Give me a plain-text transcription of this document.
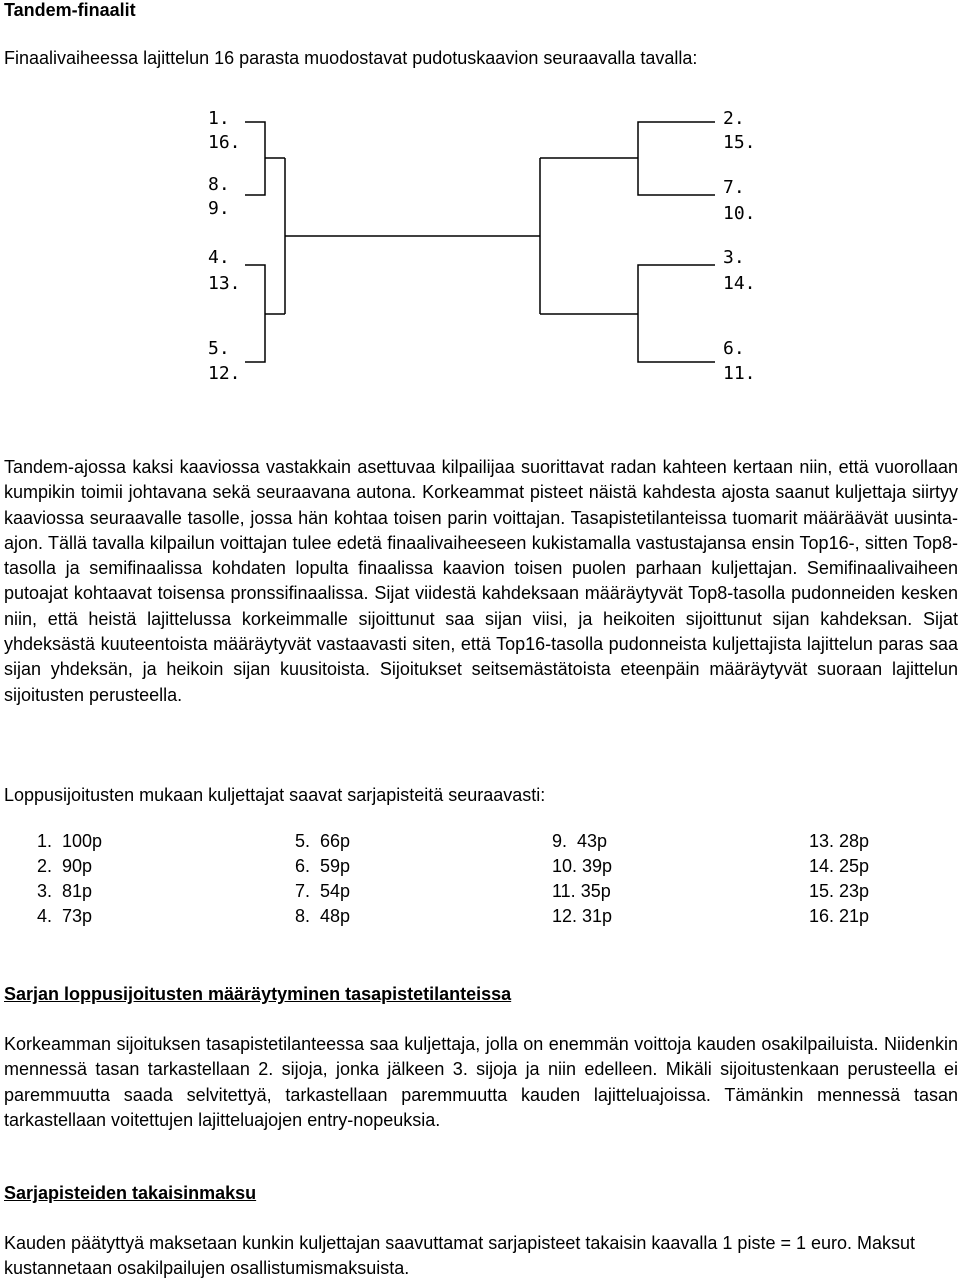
Tandem-finaalit
Finaalivaiheessa lajittelun 16 parasta muodostavat pudotuskaavion seuraavalla tavalla:
1.
16.
8.
9.
4.
13.
5.
12.
2.
15.
7.
10.
3.
14.
6.
11.
Tandem-ajossa kaksi kaaviossa vastakkain asettuvaa kilpailijaa suorittavat radan kahteen kertaan niin, että vuorollaan kumpikin toimii johtavana sekä seuraavana autona. Korkeammat pisteet näistä kahdesta ajosta saanut kuljettaja siirtyy kaaviossa seuraavalle tasolle, jossa hän kohtaa toisen parin voittajan. Tasapistetilanteissa tuomarit määräävät uusinta-ajon. Tällä tavalla kilpailun voittajan tulee edetä finaalivaiheeseen kukistamalla vastustajansa ensin Top16-, sitten Top8-tasolla ja semifinaalissa kohdaten lopulta finaalissa kaavion toisen puolen parhaan kuljettajan. Semifinaalivaiheen putoajat kohtaavat toisensa pronssifinaalissa. Sijat viidestä kahdeksaan määräytyvät Top8-tasolla pudonneiden kesken niin, että heistä lajittelussa korkeimmalle sijoittunut saa sijan viisi, ja heikoiten sijoittunut sijan kahdeksan. Sijat yhdeksästä kuuteentoista määräytyvät vastaavasti siten, että Top16-tasolla pudonneista kuljettajista lajittelun paras saa sijan yhdeksän, ja heikoin sijan kuusitoista. Sijoitukset seitsemästätoista eteenpäin määräytyvät suoraan lajittelun sijoitusten perusteella.
Loppusijoitusten mukaan kuljettajat saavat sarjapisteitä seuraavasti:
1.  100p
2.  90p
3.  81p
4.  73p
5.  66p
6.  59p
7.  54p
8.  48p
9.  43p
10. 39p
11. 35p
12. 31p
13. 28p
14. 25p
15. 23p
16. 21p
Sarjan loppusijoitusten määräytyminen tasapistetilanteissa
Korkeamman sijoituksen tasapistetilanteessa saa kuljettaja, jolla on enemmän voittoja kauden osakilpailuista. Niidenkin mennessä tasan tarkastellaan 2. sijoja, jonka jälkeen 3. sijoja ja niin edelleen. Mikäli sijoitustenkaan perusteella ei paremmuutta saada selvitettyä, tarkastellaan paremmuutta kauden lajitteluajoissa. Tämänkin mennessä tasan tarkastellaan voitettujen lajitteluajojen entry-nopeuksia.
Sarjapisteiden takaisinmaksu
Kauden päätyttyä maksetaan kunkin kuljettajan saavuttamat sarjapisteet takaisin kaavalla 1 piste = 1 euro. Maksut kustannetaan osakilpailujen osallistumismaksuista.
